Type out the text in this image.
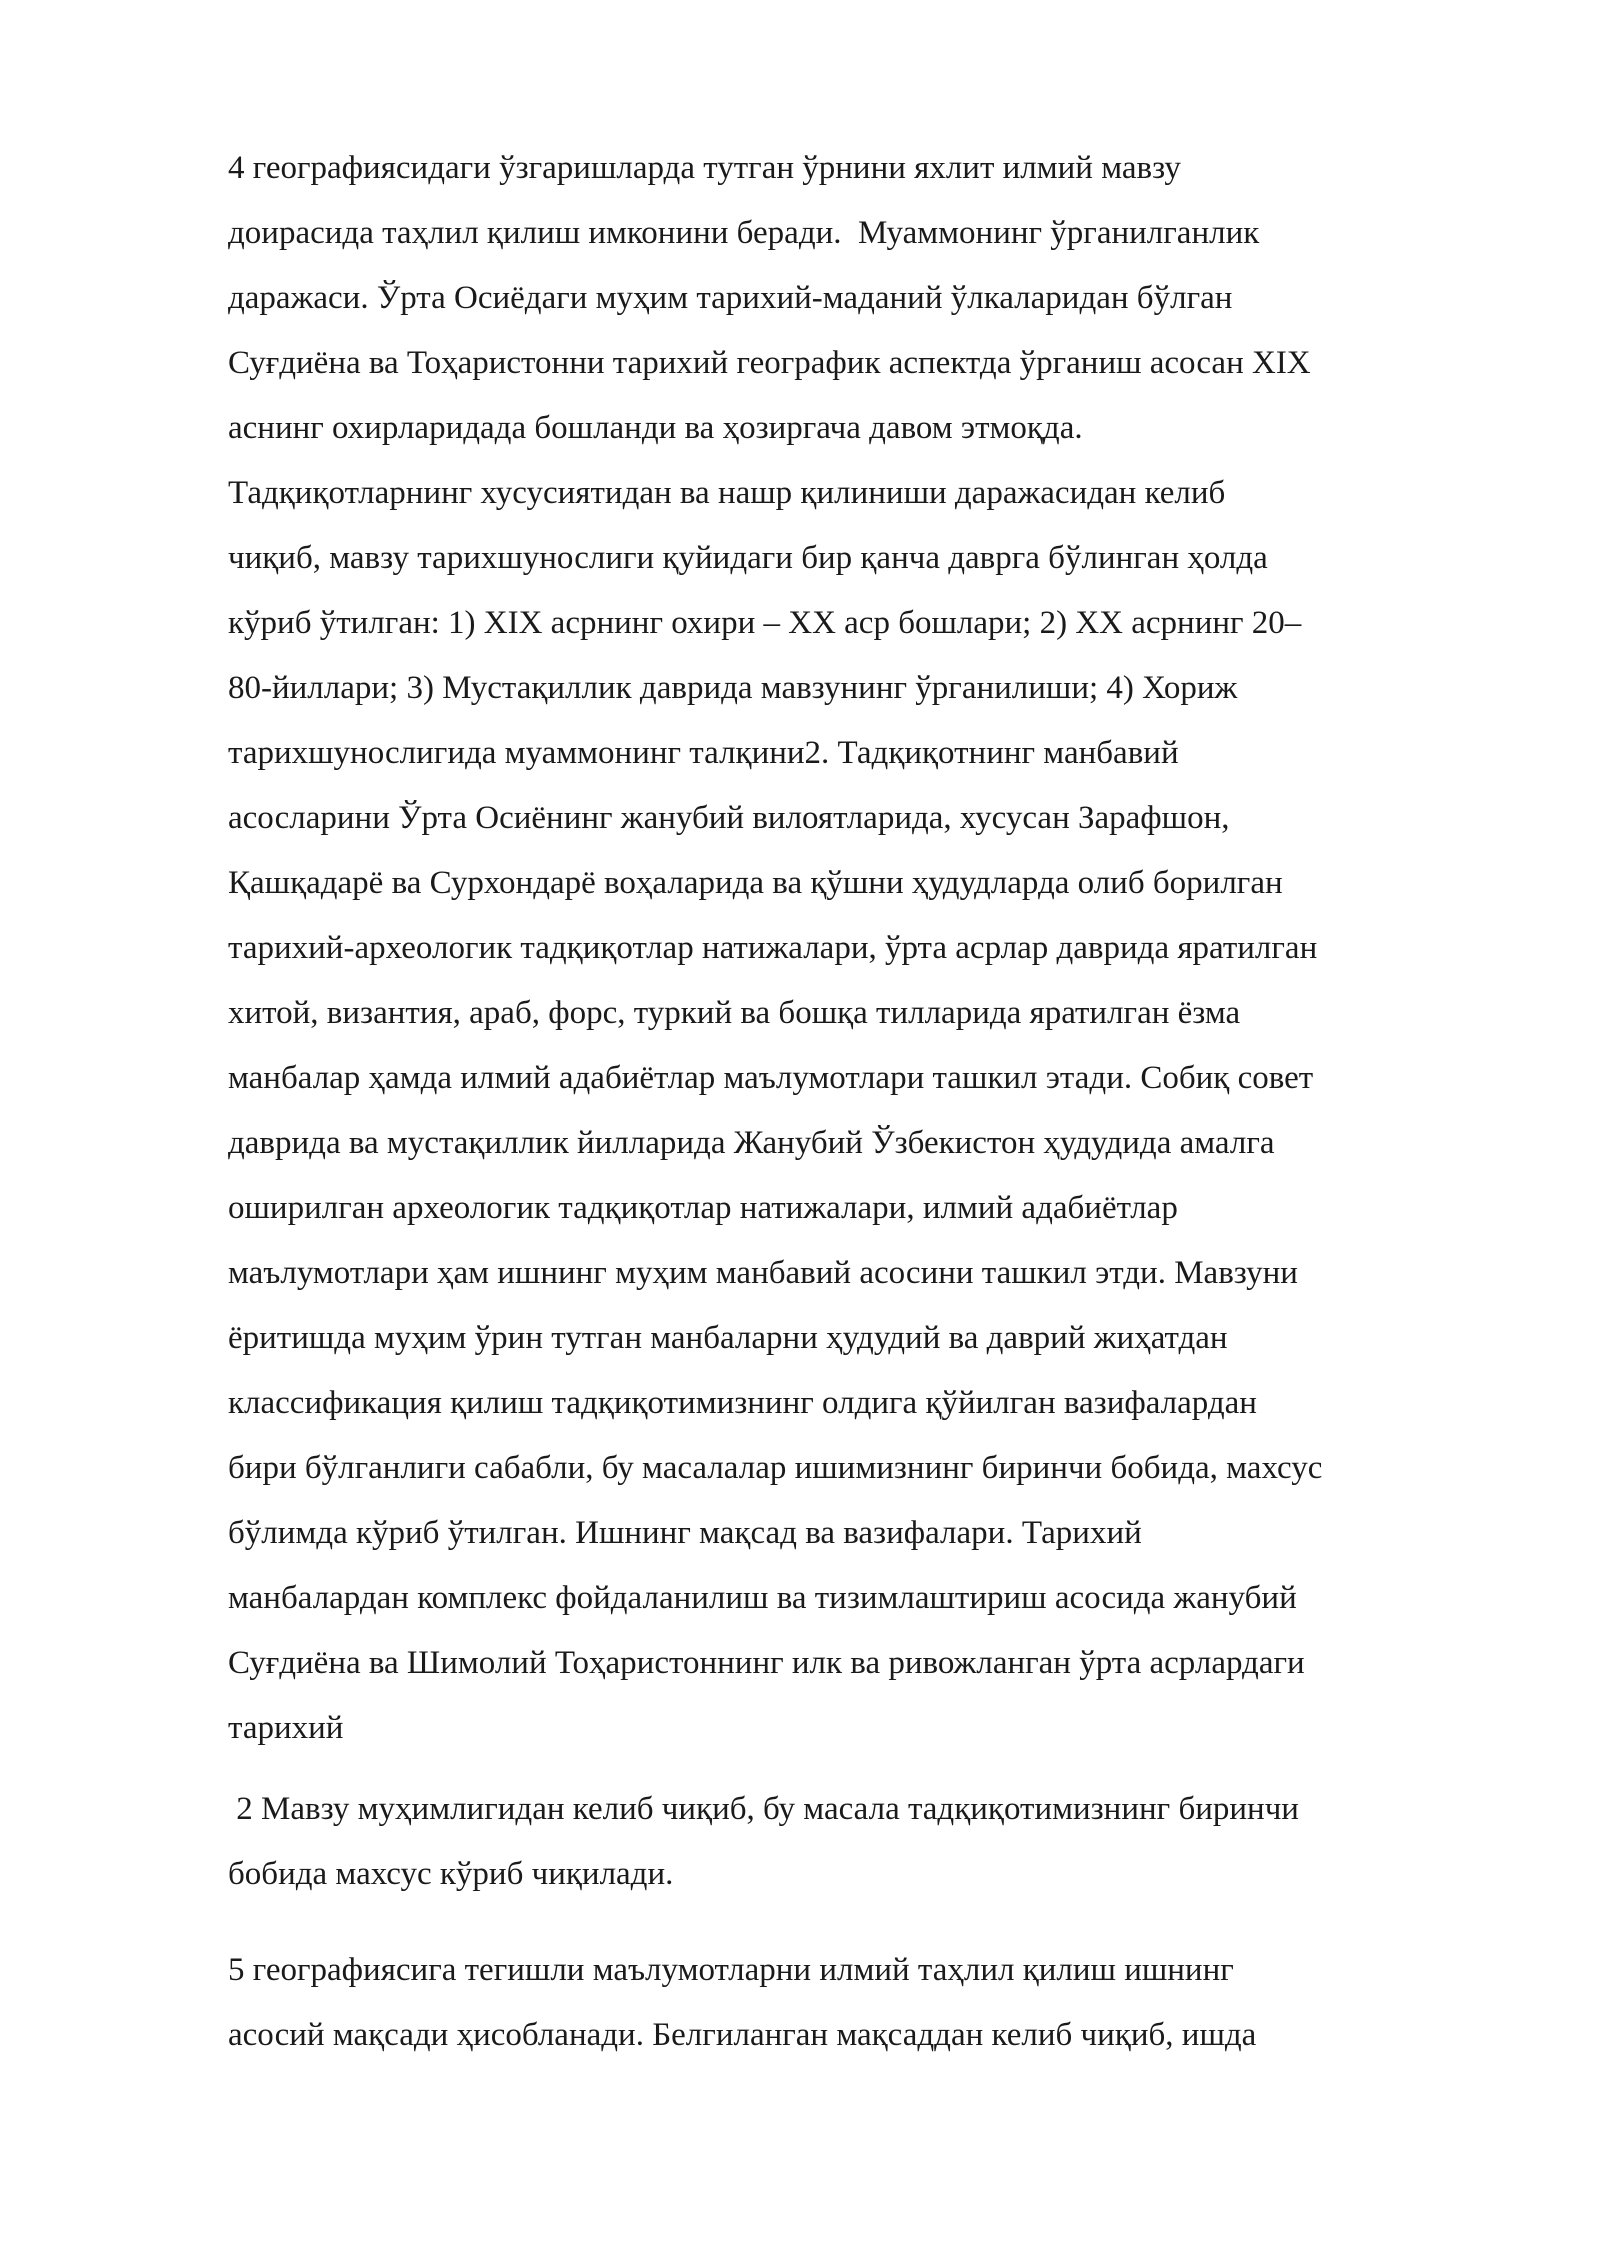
4 географиясидаги ўзгаришларда тутган ўрнини яхлит илмий мавзу
доирасида таҳлил қилиш имконини беради.  Муаммонинг ўрганилганлик
даражаси. Ўрта Осиёдаги муҳим тарихий-маданий ўлкаларидан бўлган
Суғдиёна ва Тоҳаристонни тарихий географик аспектда ўрганиш асосан XIX
аснинг охирларидада бошланди ва ҳозиргача давом этмоқда.
Тадқиқотларнинг хусусиятидан ва нашр қилиниши даражасидан келиб
чиқиб, мавзу тарихшунослиги қуйидаги бир қанча даврга бўлинган ҳолда
кўриб ўтилган: 1) XIX асрнинг охири – XX аср бошлари; 2) XX асрнинг 20–
80-йиллари; 3) Мустақиллик даврида мавзунинг ўрганилиши; 4) Хориж
тарихшунослигида муаммонинг талқини2. Тадқиқотнинг манбавий
асосларини Ўрта Осиёнинг жанубий вилоятларида, хусусан Зарафшон,
Қашқадарё ва Сурхондарё воҳаларида ва қўшни ҳудудларда олиб борилган
тарихий-археологик тадқиқотлар натижалари, ўрта асрлар даврида яратилган
хитой, византия, араб, форс, туркий ва бошқа тилларида яратилган ёзма
манбалар ҳамда илмий адабиётлар маълумотлари ташкил этади. Собиқ совет
даврида ва мустақиллик йилларида Жанубий Ўзбекистон ҳудудида амалга
оширилган археологик тадқиқотлар натижалари, илмий адабиётлар
маълумотлари ҳам ишнинг муҳим манбавий асосини ташкил этди. Мавзуни
ёритишда муҳим ўрин тутган манбаларни ҳудудий ва даврий жиҳатдан
классификация қилиш тадқиқотимизнинг олдига қўйилган вазифалардан
бири бўлганлиги сабабли, бу масалалар ишимизнинг биринчи бобида, махсус
бўлимда кўриб ўтилган. Ишнинг мақсад ва вазифалари. Тарихий
манбалардан комплекс фойдаланилиш ва тизимлаштириш асосида жанубий
Суғдиёна ва Шимолий Тоҳаристоннинг илк ва ривожланган ўрта асрлардаги
тарихий
2 Мавзу муҳимлигидан келиб чиқиб, бу масала тадқиқотимизнинг биринчи
бобида махсус кўриб чиқилади.
5 географиясига тегишли маълумотларни илмий таҳлил қилиш ишнинг
асосий мақсади ҳисобланади. Белгиланган мақсаддан келиб чиқиб, ишда
